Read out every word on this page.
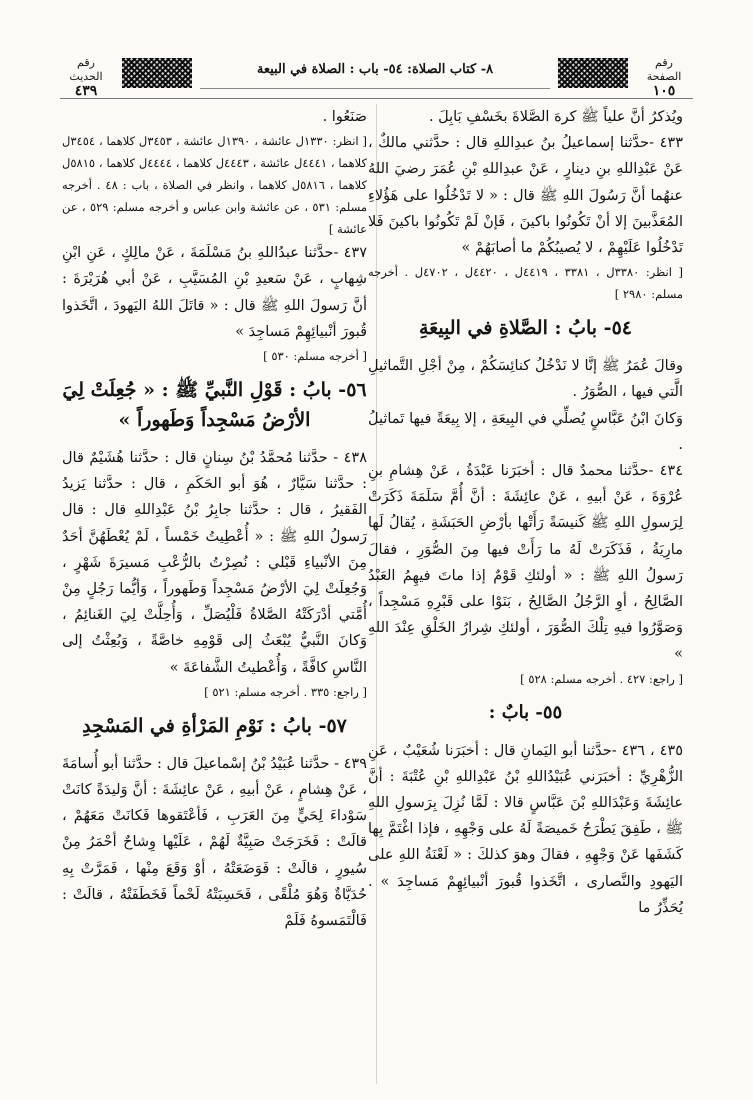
رقم الصفحة
١٠٥
٨- كتاب الصلاة: ٥٤- باب : الصلاة في البيعة
رقم الحديث
٤٣٩

ويُذكرُ أنَّ علياً ﷺ كرهَ الصَّلاةَ بخَسْفِ بَابِلَ .

٤٣٣ -حدَّثنا إسماعيلُ بنُ عبدِاللهِ قال : حدَّثني مالكٌ ، عَنْ عَبْدِاللهِ بنِ دينارٍ ، عَنْ عبدِاللهِ بْنِ عُمَرَ رضيَ اللهُ عنهُما أنَّ رَسُولَ اللهِ ﷺ قال : « لا تَدْخُلُوا على هَؤُلاءِ المُعَذَّبينَ إلا أنْ تَكُونُوا باكينَ ، فَإنْ لَمْ تَكُونُوا باكينَ فَلا تَدْخُلُوا عَلَيْهِمْ ، لا يُصيبُكُمْ ما أصابَهُمْ »

[ انظر: ٣٣٨٠ل ، ٣٣٨١ ، ٤٤١٩ل ، ٤٤٢٠ل ، ٤٧٠٢ل . أخرجه مسلم: ٢٩٨٠ ]

٥٤- بابُ : الصَّلاةِ في البِيعَةِ

وقالَ عُمَرُ ﷺ إنَّا لا نَدْخُلُ كنائِسَكُمْ ، مِنْ أجْلِ التَّماثيلِ الَّتي فيها ، الصُّوَرُ .

وَكانَ ابْنُ عَبَّاسٍ يُصلِّي في البِيعَةِ ، إلا بِيعَةً فيها تَماثيلُ .

٤٣٤ -حدَّثنا محمدٌ قال : أخبَرَنا عَبْدَةُ ، عَنْ هِشامِ بنِ عُرْوَةَ ، عَنْ أبيهِ ، عَنْ عائِشَةَ : أنَّ أُمَّ سَلَمَةَ ذَكَرَتْ لِرَسولِ اللهِ ﷺ كَنيسَةً رَأَتْها بأرْضِ الحَبَشَةِ ، يُقالُ لَها مارِيَةُ ، فَذَكَرَتْ لَهُ ما رَأَتْ فيها مِنَ الصُّوَرِ ، فقالَ رَسولُ اللهِ ﷺ : « أولئكِ قَوْمٌ إذا ماتَ فيهِمُ العَبْدُ الصَّالِحُ ، أوِ الرَّجُلُ الصَّالِحُ ، بَنَوْا على قَبْرِهِ مَسْجِداً ، وَصَوَّرُوا فيهِ تِلْكَ الصُّوَرَ ، أولئكِ شِرارُ الخَلْقِ عِنْدَ اللهِ »

[ راجع: ٤٢٧ . أخرجه مسلم: ٥٢٨ ]

٥٥- بابٌ :

٤٣٥ ، ٤٣٦ -حدَّثنا أبو اليَمانِ قال : أخبَرَنا شُعَيْبٌ ، عَنِ الزُّهْرِيِّ : أخبَرَني عُبَيْدُاللهِ بْنُ عَبْدِاللهِ بْنِ عُتْبَةَ : أنَّ عائِشَةَ وَعَبْدَاللهِ بْنَ عَبَّاسٍ قالا : لَمَّا نُزِلَ بِرَسولِ اللهِ ﷺ ، طَفِقَ يَطْرَحُ خَميصَةً لَهُ على وَجْهِهِ ، فإذا اغْتَمَّ بِها كَشَفَها عَنْ وَجْهِهِ ، فقالَ وهوَ كذلكَ : « لَعْنَةُ اللهِ على اليَهودِ والنَّصارى ، اتَّخَذوا قُبورَ أنْبيائِهِمْ مَساجِدَ » . يُحَذِّرُ ما

صَنَعُوا .

[ انظر: ١٣٣٠ل عائشة ، ١٣٩٠ل عائشة ، ٣٤٥٣ل كلاهما ، ٣٤٥٤ل كلاهما ، ٤٤٤١ل عائشة ، ٤٤٤٣ل كلاهما ، ٤٤٤٤ل كلاهما ، ٥٨١٥ل كلاهما ، ٥٨١٦ل كلاهما ، وانظر في الصلاة ، باب : ٤٨ . أخرجه مسلم: ٥٣١ ، عن عائشة وابن عباس و أخرجه مسلم: ٥٢٩ ، عن عائشة ]

٤٣٧ -حدَّثنا عبدُاللهِ بنُ مَسْلَمَةَ ، عَنْ مالِكٍ ، عَنِ ابْنِ شِهابٍ ، عَنْ سَعيدِ بْنِ المُسَيَّبِ ، عَنْ أبي هُرَيْرَةَ : أنَّ رَسولَ اللهِ ﷺ قال : « قاتَلَ اللهُ اليَهودَ ، اتَّخَذوا قُبورَ أنْبيائِهِمْ مَساجِدَ »

[ أخرجه مسلم: ٥٣٠ ]

٥٦- بابُ : قَوْلِ النَّبيِّ ﷺ : « جُعِلَتْ لِيَ الأرْضُ مَسْجِداً وَطَهوراً »

٤٣٨ - حدَّثنا مُحمَّدُ بْنُ سِنانٍ قال : حدَّثنا هُشَيْمٌ قال : حدَّثنا سَيَّارٌ ، هُوَ أبو الحَكَمِ ، قال : حدَّثنا يَزيدُ الفَقيرُ ، قال : حدَّثنا جابِرُ بْنُ عَبْدِاللهِ قال : قال رَسولُ اللهِ ﷺ : « أُعْطِيتُ خَمْساً ، لَمْ يُعْطَهُنَّ أحَدٌ مِنَ الأنْبياءِ قَبْلي : نُصِرْتُ بالرُّعْبِ مَسيرَةَ شَهْرٍ ، وَجُعِلَتْ لِيَ الأرْضُ مَسْجِداً وَطَهوراً ، وَأيُّما رَجُلٍ مِنْ أُمَّتي أدْرَكَتْهُ الصَّلاةُ فَلْيُصَلِّ ، وَأُحِلَّتْ لِيَ الغَنائِمُ ، وَكانَ النَّبيُّ يُبْعَثُ إلى قَوْمِهِ خاصَّةً ، وَبُعِثْتُ إلى النَّاسِ كافَّةً ، وَأُعْطيتُ الشَّفاعَةَ »

[ راجع: ٣٣٥ . أخرجه مسلم: ٥٢١ ]

٥٧- بابُ : نَوْمِ المَرْأةِ في المَسْجِدِ

٤٣٩ - حدَّثنا عُبَيْدُ بْنُ إسْماعيلَ قال : حدَّثنا أبو أُسامَةَ ، عَنْ هِشامٍ ، عَنْ أبيهِ ، عَنْ عائِشَةَ : أنَّ وَليدَةً كانَتْ سَوْداءَ لِحَيٍّ مِنَ العَرَبِ ، فَأعْتَقوها فَكانَتْ مَعَهُمْ ، قالَتْ : فَخَرَجَتْ صَبِيَّةٌ لَهُمْ ، عَلَيْها وِشاحٌ أحْمَرُ مِنْ سُيورٍ ، قالَتْ : فَوَضَعَتْهُ ، أوْ وَقَعَ مِنْها ، فَمَرَّتْ بِهِ حُدَيَّاةٌ وَهُوَ مُلْقًى ، فَحَسِبَتْهُ لَحْماً فَخَطَفَتْهُ ، قالَتْ : فَالْتَمَسوهُ فَلَمْ
